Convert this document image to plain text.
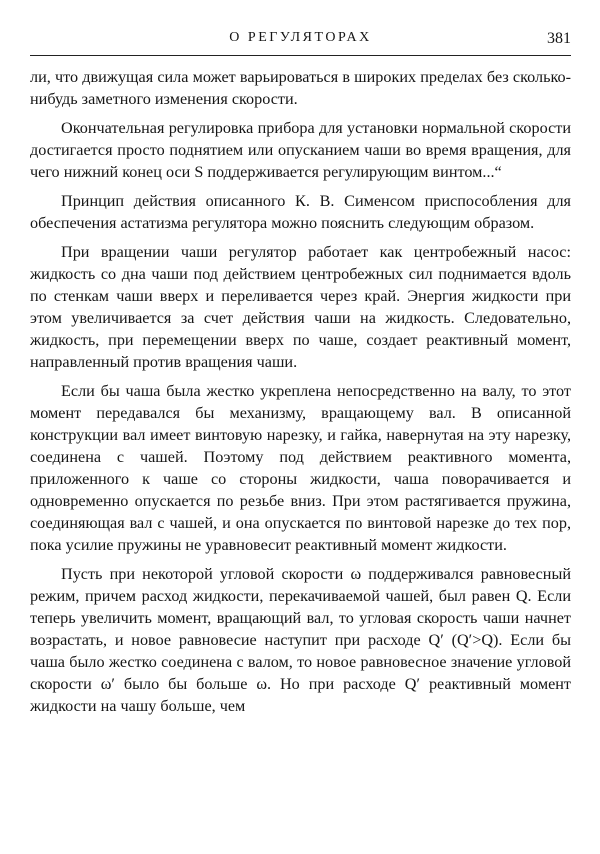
О РЕГУЛЯТОРАХ	381

ли, что движущая сила может варьироваться в широких пределах без сколько-нибудь заметного изменения скорости.

Окончательная регулировка прибора для установки нормальной скорости достигается просто поднятием или опусканием чаши во время вращения, для чего нижний конец оси S поддерживается регулирующим винтом...“

Принцип действия описанного К. В. Сименсом приспособления для обеспечения астатизма регулятора можно пояснить следующим образом.

При вращении чаши регулятор работает как центробежный насос: жидкость со дна чаши под действием центробежных сил поднимается вдоль по стенкам чаши вверх и переливается через край. Энергия жидкости при этом увеличивается за счет действия чаши на жидкость. Следовательно, жидкость, при перемещении вверх по чаше, создает реактивный момент, направленный против вращения чаши.

Если бы чаша была жестко укреплена непосредственно на валу, то этот момент передавался бы механизму, вращающему вал. В описанной конструкции вал имеет винтовую нарезку, и гайка, навернутая на эту нарезку, соединена с чашей. Поэтому под действием реактивного момента, приложенного к чаше со стороны жидкости, чаша поворачивается и одновременно опускается по резьбе вниз. При этом растягивается пружина, соединяющая вал с чашей, и она опускается по винтовой нарезке до тех пор, пока усилие пружины не уравновесит реактивный момент жидкости.

Пусть при некоторой угловой скорости ω поддерживался равновесный режим, причем расход жидкости, перекачиваемой чашей, был равен Q. Если теперь увеличить момент, вращающий вал, то угловая скорость чаши начнет возрастать, и новое равновесие наступит при расходе Q′ (Q′>Q). Если бы чаша было жестко соединена с валом, то новое равновесное значение угловой скорости ω′ было бы больше ω. Но при расходе Q′ реактивный момент жидкости на чашу больше, чем
